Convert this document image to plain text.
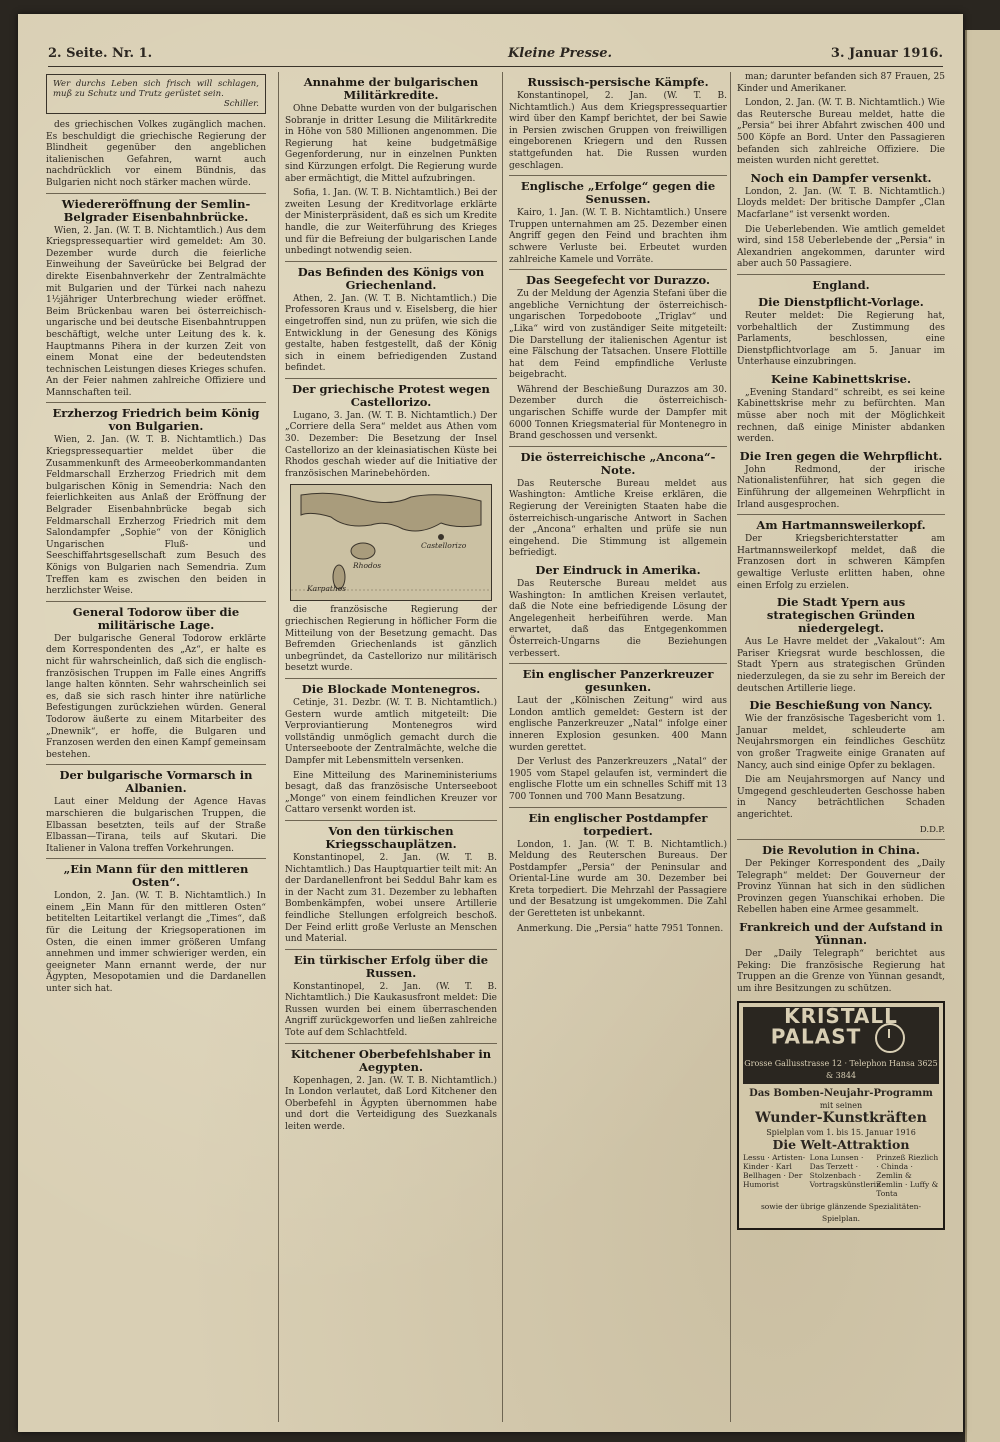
2. Seite. Nr. 1.	Kleine Presse.	3. Januar 1916.
Wer durchs Leben sich frisch will schlagen, muß zu Schutz und Trutz gerüstet sein.
Schiller.

des griechischen Volkes zugänglich machen. Es beschuldigt die griechische Regierung der Blindheit gegenüber den angeblichen italienischen Gefahren, warnt auch nachdrücklich vor einem Bündnis, das Bulgarien nicht noch stärker machen würde.

Wiedereröffnung der Semlin-Belgrader Eisenbahnbrücke.

Wien, 2. Jan. (W. T. B. Nichtamtlich.) Aus dem Kriegspressequartier wird gemeldet: Am 30. Dezember wurde durch die feierliche Einweihung der Saveürücke bei Belgrad der direkte Eisenbahnverkehr der Zentralmächte mit Bulgarien und der Türkei nach nahezu 1½jähriger Unterbrechung wieder eröffnet. Beim Brückenbau waren bei österreichisch-ungarische und bei deutsche Eisenbahntruppen beschäftigt, welche unter Leitung des k. k. Hauptmanns Pihera in der kurzen Zeit von einem Monat eine der bedeutendsten technischen Leistungen dieses Krieges schufen. An der Feier nahmen zahlreiche Offiziere und Mannschaften teil.

Erzherzog Friedrich beim König von Bulgarien.

Wien, 2. Jan. (W. T. B. Nichtamtlich.) Das Kriegspressequartier meldet über die Zusammenkunft des Armeeoberkommandanten Feldmarschall Erzherzog Friedrich mit dem bulgarischen König in Semendria: Nach den feierlichkeiten aus Anlaß der Eröffnung der Belgrader Eisenbahnbrücke begab sich Feldmarschall Erzherzog Friedrich mit dem Salondampfer „Sophie“ von der Königlich Ungarischen Fluß- und Seeschiffahrtsgesellschaft zum Besuch des Königs von Bulgarien nach Semendria. Zum Treffen kam es zwischen den beiden in herzlichster Weise.

General Todorow über die militärische Lage.

Der bulgarische General Todorow erklärte dem Korrespondenten des „Az“, er halte es nicht für wahrscheinlich, daß sich die englisch-französischen Truppen im Falle eines Angriffs lange halten könnten. Sehr wahrscheinlich sei es, daß sie sich rasch hinter ihre natürliche Befestigungen zurückziehen würden. General Todorow äußerte zu einem Mitarbeiter des „Dnewnik“, er hoffe, die Bulgaren und Franzosen werden den einen Kampf gemeinsam bestehen.

Der bulgarische Vormarsch in Albanien.

Laut einer Meldung der Agence Havas marschieren die bulgarischen Truppen, die Elbassan besetzten, teils auf der Straße Elbassan—Tirana, teils auf Skutari. Die Italiener in Valona treffen Vorkehrungen.

„Ein Mann für den mittleren Osten“.

London, 2. Jan. (W. T. B. Nichtamtlich.) In einem „Ein Mann für den mittleren Osten“ betitelten Leitartikel verlangt die „Times“, daß für die Leitung der Kriegsoperationen im Osten, die einen immer größeren Umfang annehmen und immer schwieriger werden, ein geeigneter Mann ernannt werde, der nur Ägypten, Mesopotamien und die Dardanellen unter sich hat.

Annahme der bulgarischen Militärkredite.

Ohne Debatte wurden von der bulgarischen Sobranje in dritter Lesung die Militärkredite in Höhe von 580 Millionen angenommen. Die Regierung hat keine budgetmäßige Gegenforderung, nur in einzelnen Punkten sind Kürzungen erfolgt. Die Regierung wurde aber ermächtigt, die Mittel aufzubringen.

Sofia, 1. Jan. (W. T. B. Nichtamtlich.) Bei der zweiten Lesung der Kreditvorlage erklärte der Ministerpräsident, daß es sich um Kredite handle, die zur Weiterführung des Krieges und für die Befreiung der bulgarischen Lande unbedingt notwendig seien.

Das Befinden des Königs von Griechenland.

Athen, 2. Jan. (W. T. B. Nichtamtlich.) Die Professoren Kraus und v. Eiselsberg, die hier eingetroffen sind, nun zu prüfen, wie sich die Entwicklung in der Genesung des Königs gestalte, haben festgestellt, daß der König sich in einem befriedigenden Zustand befindet.

Der griechische Protest wegen Castellorizo.

Lugano, 3. Jan. (W. T. B. Nichtamtlich.) Der „Corriere della Sera“ meldet aus Athen vom 30. Dezember: Die Besetzung der Insel Castellorizo an der kleinasiatischen Küste bei Rhodos geschah wieder auf die Initiative der französischen Marinebehörden.

Rhodos
Castellorizo
Karpathos

die französische Regierung der griechischen Regierung in höflicher Form die Mitteilung von der Besetzung gemacht. Das Befremden Griechenlands ist gänzlich unbegründet, da Castellorizo nur militärisch besetzt wurde.

Die Blockade Montenegros.

Cetinje, 31. Dezbr. (W. T. B. Nichtamtlich.) Gestern wurde amtlich mitgeteilt: Die Verproviantierung Montenegros wird vollständig unmöglich gemacht durch die Unterseeboote der Zentralmächte, welche die Dampfer mit Lebensmitteln versenken.

Eine Mitteilung des Marineministeriums besagt, daß das französische Unterseeboot „Monge“ von einem feindlichen Kreuzer vor Cattaro versenkt worden ist.

Von den türkischen Kriegsschauplätzen.

Konstantinopel, 2. Jan. (W. T. B. Nichtamtlich.) Das Hauptquartier teilt mit: An der Dardanellenfront bei Seddul Bahr kam es in der Nacht zum 31. Dezember zu lebhaften Bombenkämpfen, wobei unsere Artillerie feindliche Stellungen erfolgreich beschoß. Der Feind erlitt große Verluste an Menschen und Material.

Ein türkischer Erfolg über die Russen.

Konstantinopel, 2. Jan. (W. T. B. Nichtamtlich.) Die Kaukasusfront meldet: Die Russen wurden bei einem überraschenden Angriff zurückgeworfen und ließen zahlreiche Tote auf dem Schlachtfeld.

Kitchener Oberbefehlshaber in Aegypten.

Kopenhagen, 2. Jan. (W. T. B. Nichtamtlich.) In London verlautet, daß Lord Kitchener den Oberbefehl in Ägypten übernommen habe und dort die Verteidigung des Suezkanals leiten werde.

Russisch-persische Kämpfe.

Konstantinopel, 2. Jan. (W. T. B. Nichtamtlich.) Aus dem Kriegspressequartier wird über den Kampf berichtet, der bei Sawie in Persien zwischen Gruppen von freiwilligen eingeborenen Kriegern und den Russen stattgefunden hat. Die Russen wurden geschlagen.

Englische „Erfolge“ gegen die Senussen.

Kairo, 1. Jan. (W. T. B. Nichtamtlich.) Unsere Truppen unternahmen am 25. Dezember einen Angriff gegen den Feind und brachten ihm schwere Verluste bei. Erbeutet wurden zahlreiche Kamele und Vorräte.

Das Seegefecht vor Durazzo.

Zu der Meldung der Agenzia Stefani über die angebliche Vernichtung der österreichisch-ungarischen Torpedoboote „Triglav“ und „Lika“ wird von zuständiger Seite mitgeteilt: Die Darstellung der italienischen Agentur ist eine Fälschung der Tatsachen. Unsere Flottille hat dem Feind empfindliche Verluste beigebracht.

Während der Beschießung Durazzos am 30. Dezember durch die österreichisch-ungarischen Schiffe wurde der Dampfer mit 6000 Tonnen Kriegsmaterial für Montenegro in Brand geschossen und versenkt.

Die österreichische „Ancona“-Note.

Das Reutersche Bureau meldet aus Washington: Amtliche Kreise erklären, die Regierung der Vereinigten Staaten habe die österreichisch-ungarische Antwort in Sachen der „Ancona“ erhalten und prüfe sie nun eingehend. Die Stimmung ist allgemein befriedigt.

Der Eindruck in Amerika.

Das Reutersche Bureau meldet aus Washington: In amtlichen Kreisen verlautet, daß die Note eine befriedigende Lösung der Angelegenheit herbeiführen werde. Man erwartet, daß das Entgegenkommen Österreich-Ungarns die Beziehungen verbessert.

Ein englischer Panzerkreuzer gesunken.

Laut der „Kölnischen Zeitung“ wird aus London amtlich gemeldet: Gestern ist der englische Panzerkreuzer „Natal“ infolge einer inneren Explosion gesunken. 400 Mann wurden gerettet.

Der Verlust des Panzerkreuzers „Natal“ der 1905 vom Stapel gelaufen ist, vermindert die englische Flotte um ein schnelles Schiff mit 13 700 Tonnen und 700 Mann Besatzung.

Ein englischer Postdampfer torpediert.

London, 1. Jan. (W. T. B. Nichtamtlich.) Meldung des Reuterschen Bureaus. Der Postdampfer „Persia“ der Peninsular and Oriental-Line wurde am 30. Dezember bei Kreta torpediert. Die Mehrzahl der Passagiere und der Besatzung ist umgekommen. Die Zahl der Geretteten ist unbekannt.

Anmerkung. Die „Persia“ hatte 7951 Tonnen.

man; darunter befanden sich 87 Frauen, 25 Kinder und Amerikaner.

London, 2. Jan. (W. T. B. Nichtamtlich.) Wie das Reutersche Bureau meldet, hatte die „Persia“ bei ihrer Abfahrt zwischen 400 und 500 Köpfe an Bord. Unter den Passagieren befanden sich zahlreiche Offiziere. Die meisten wurden nicht gerettet.

Noch ein Dampfer versenkt.

London, 2. Jan. (W. T. B. Nichtamtlich.) Lloyds meldet: Der britische Dampfer „Clan Macfarlane“ ist versenkt worden.

Die Ueberlebenden. Wie amtlich gemeldet wird, sind 158 Ueberlebende der „Persia“ in Alexandrien angekommen, darunter wird aber auch 50 Passagiere.

England.
Die Dienstpflicht-Vorlage.

Reuter meldet: Die Regierung hat, vorbehaltlich der Zustimmung des Parlaments, beschlossen, eine Dienstpflichtvorlage am 5. Januar im Unterhause einzubringen.

Keine Kabinettskrise.

„Evening Standard“ schreibt, es sei keine Kabinettskrise mehr zu befürchten. Man müsse aber noch mit der Möglichkeit rechnen, daß einige Minister abdanken werden.

Die Iren gegen die Wehrpflicht.

John Redmond, der irische Nationalistenführer, hat sich gegen die Einführung der allgemeinen Wehrpflicht in Irland ausgesprochen.

Am Hartmannsweilerkopf.

Der Kriegsberichterstatter am Hartmannsweilerkopf meldet, daß die Franzosen dort in schweren Kämpfen gewaltige Verluste erlitten haben, ohne einen Erfolg zu erzielen.

Die Stadt Ypern aus strategischen Gründen niedergelegt.

Aus Le Havre meldet der „Vakalout“: Am Pariser Kriegsrat wurde beschlossen, die Stadt Ypern aus strategischen Gründen niederzulegen, da sie zu sehr im Bereich der deutschen Artillerie liege.

Die Beschießung von Nancy.

Wie der französische Tagesbericht vom 1. Januar meldet, schleuderte am Neujahrsmorgen ein feindliches Geschütz von großer Tragweite einige Granaten auf Nancy, auch sind einige Opfer zu beklagen.

Die am Neujahrsmorgen auf Nancy und Umgegend geschleuderten Geschosse haben in Nancy beträchtlichen Schaden angerichtet.

D.D.P.
Die Revolution in China.

Der Pekinger Korrespondent des „Daily Telegraph“ meldet: Der Gouverneur der Provinz Yünnan hat sich in den südlichen Provinzen gegen Yuanschikai erhoben. Die Rebellen haben eine Armee gesammelt.

Frankreich und der Aufstand in Yünnan.

Der „Daily Telegraph“ berichtet aus Peking: Die französische Regierung hat Truppen an die Grenze von Yünnan gesandt, um ihre Besitzungen zu schützen.

KRISTALL PALAST
Grosse Gallusstrasse 12 · Telephon Hansa 3625 & 3844
Das Bomben-Neujahr-Programm
mit seinen
Wunder-Kunstkräften
Spielplan vom 1. bis 15. Januar 1916
Die Welt-Attraktion
Lessu · Artisten-Kinder · Karl Bellhagen · Der Humorist
Lona Lunsen · Das Terzett · Stolzenbach · Vortragskünstlerin
Prinzeß Riezlich · Chinda · Zemlin & Zemlin · Luffy & Tonta
sowie der übrige glänzende Spezialitäten-Spielplan.
